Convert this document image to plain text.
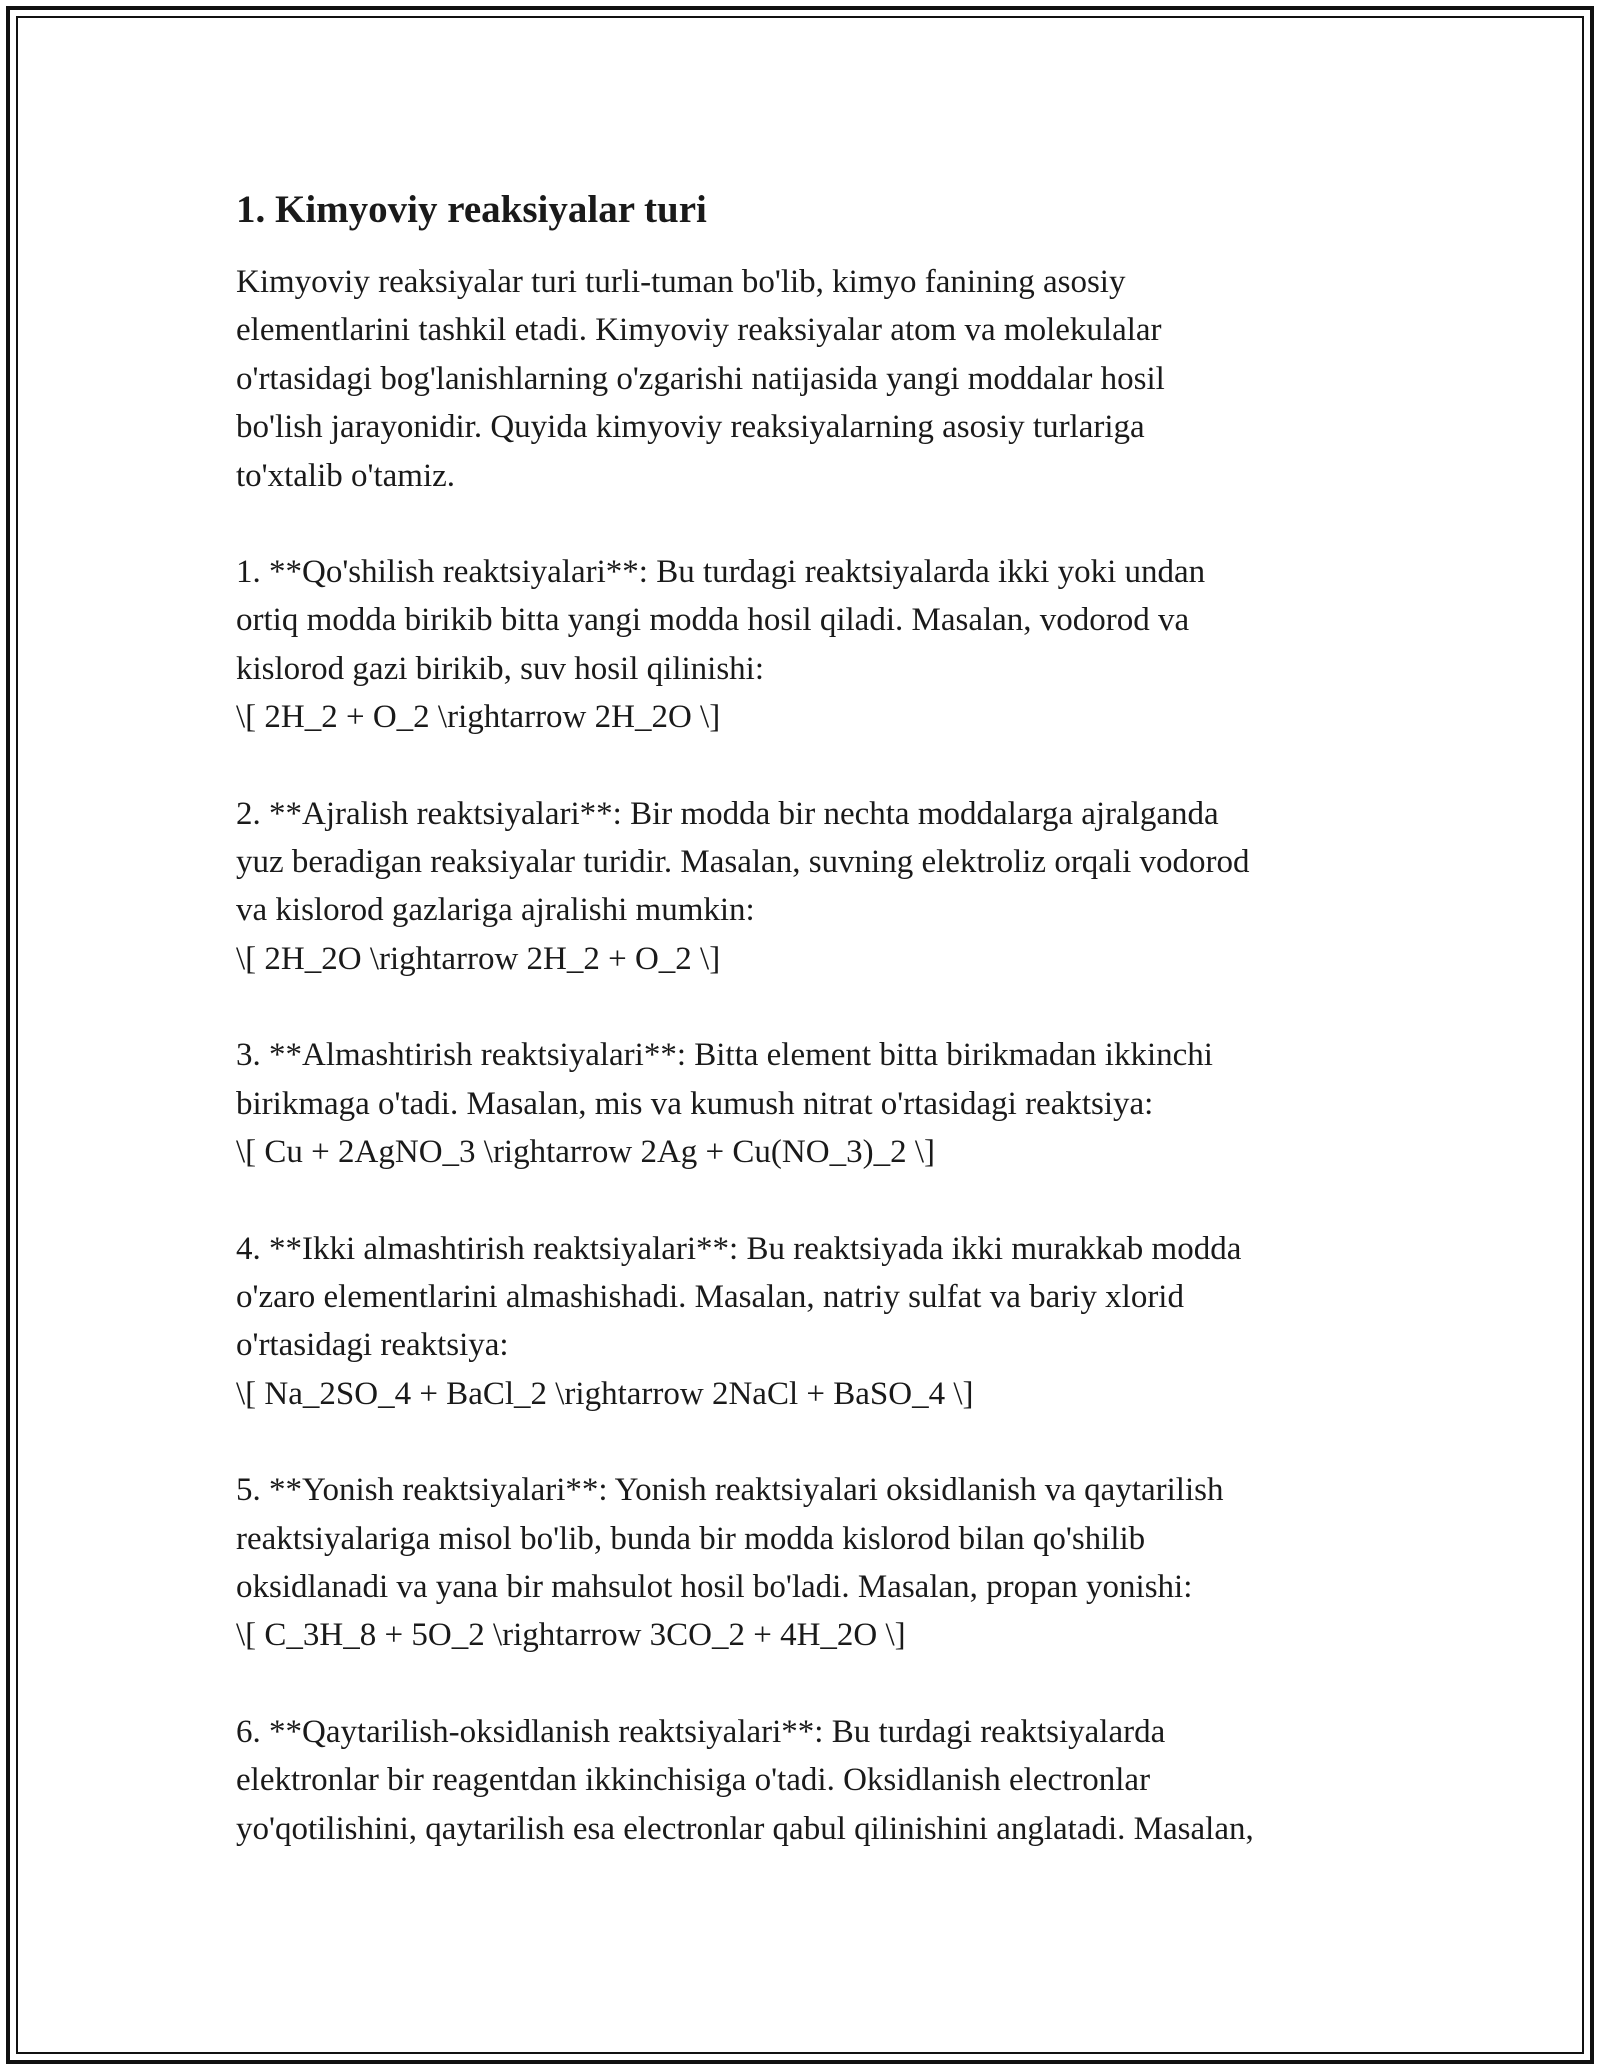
1. Kimyoviy reaksiyalar turi
Kimyoviy reaksiyalar turi turli-tuman bo'lib, kimyo fanining asosiy
elementlarini tashkil etadi. Kimyoviy reaksiyalar atom va molekulalar
o'rtasidagi bog'lanishlarning o'zgarishi natijasida yangi moddalar hosil
bo'lish jarayonidir. Quyida kimyoviy reaksiyalarning asosiy turlariga
to'xtalib o'tamiz.
1. **Qo'shilish reaktsiyalari**: Bu turdagi reaktsiyalarda ikki yoki undan
ortiq modda birikib bitta yangi modda hosil qiladi. Masalan, vodorod va
kislorod gazi birikib, suv hosil qilinishi:
\[ 2H_2 + O_2 \rightarrow 2H_2O \]
2. **Ajralish reaktsiyalari**: Bir modda bir nechta moddalarga ajralganda
yuz beradigan reaksiyalar turidir. Masalan, suvning elektroliz orqali vodorod
va kislorod gazlariga ajralishi mumkin:
\[ 2H_2O \rightarrow 2H_2 + O_2 \]
3. **Almashtirish reaktsiyalari**: Bitta element bitta birikmadan ikkinchi
birikmaga o'tadi. Masalan, mis va kumush nitrat o'rtasidagi reaktsiya:
\[ Cu + 2AgNO_3 \rightarrow 2Ag + Cu(NO_3)_2 \]
4. **Ikki almashtirish reaktsiyalari**: Bu reaktsiyada ikki murakkab modda
o'zaro elementlarini almashishadi. Masalan, natriy sulfat va bariy xlorid
o'rtasidagi reaktsiya:
\[ Na_2SO_4 + BaCl_2 \rightarrow 2NaCl + BaSO_4 \]
5. **Yonish reaktsiyalari**: Yonish reaktsiyalari oksidlanish va qaytarilish
reaktsiyalariga misol bo'lib, bunda bir modda kislorod bilan qo'shilib
oksidlanadi va yana bir mahsulot hosil bo'ladi. Masalan, propan yonishi:
\[ C_3H_8 + 5O_2 \rightarrow 3CO_2 + 4H_2O \]
6. **Qaytarilish-oksidlanish reaktsiyalari**: Bu turdagi reaktsiyalarda
elektronlar bir reagentdan ikkinchisiga o'tadi. Oksidlanish electronlar
yo'qotilishini, qaytarilish esa electronlar qabul qilinishini anglatadi. Masalan,
